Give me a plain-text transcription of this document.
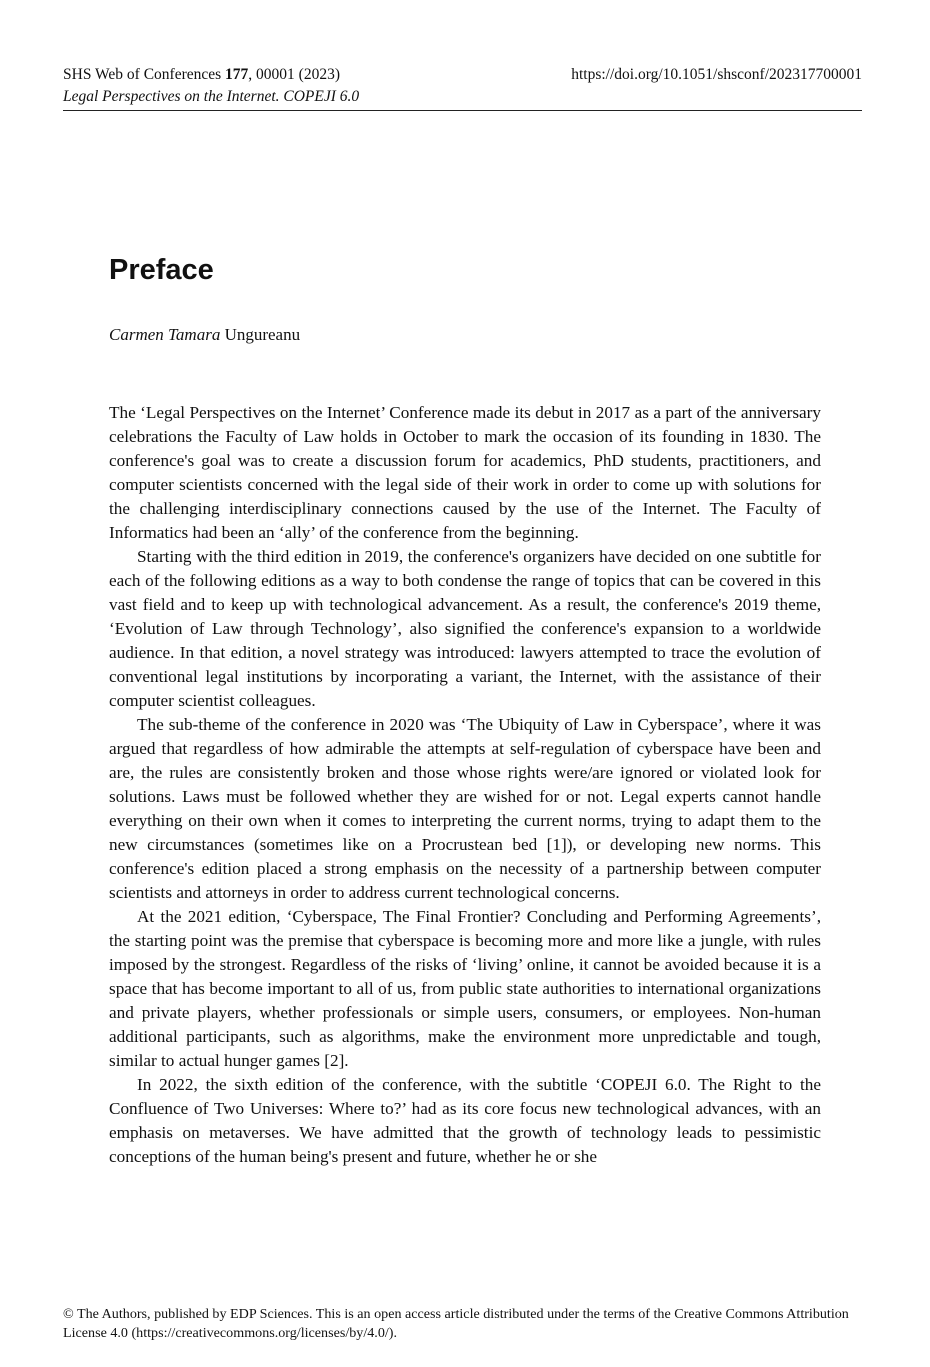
SHS Web of Conferences 177, 00001 (2023)
Legal Perspectives on the Internet. COPEJI 6.0
https://doi.org/10.1051/shsconf/202317700001
Preface
Carmen Tamara Ungureanu

The ‘Legal Perspectives on the Internet’ Conference made its debut in 2017 as a part of the anniversary celebrations the Faculty of Law holds in October to mark the occasion of its founding in 1830. The conference's goal was to create a discussion forum for academics, PhD students, practitioners, and computer scientists concerned with the legal side of their work in order to come up with solutions for the challenging interdisciplinary connections caused by the use of the Internet. The Faculty of Informatics had been an ‘ally’ of the conference from the beginning.

Starting with the third edition in 2019, the conference's organizers have decided on one subtitle for each of the following editions as a way to both condense the range of topics that can be covered in this vast field and to keep up with technological advancement. As a result, the conference's 2019 theme, ‘Evolution of Law through Technology’, also signified the conference's expansion to a worldwide audience. In that edition, a novel strategy was introduced: lawyers attempted to trace the evolution of conventional legal institutions by incorporating a variant, the Internet, with the assistance of their computer scientist colleagues.

The sub-theme of the conference in 2020 was ‘The Ubiquity of Law in Cyberspace’, where it was argued that regardless of how admirable the attempts at self-regulation of cyberspace have been and are, the rules are consistently broken and those whose rights were/are ignored or violated look for solutions. Laws must be followed whether they are wished for or not. Legal experts cannot handle everything on their own when it comes to interpreting the current norms, trying to adapt them to the new circumstances (sometimes like on a Procrustean bed [1]), or developing new norms. This conference's edition placed a strong emphasis on the necessity of a partnership between computer scientists and attorneys in order to address current technological concerns.

At the 2021 edition, ‘Cyberspace, The Final Frontier? Concluding and Performing Agreements’, the starting point was the premise that cyberspace is becoming more and more like a jungle, with rules imposed by the strongest. Regardless of the risks of ‘living’ online, it cannot be avoided because it is a space that has become important to all of us, from public state authorities to international organizations and private players, whether professionals or simple users, consumers, or employees. Non-human additional participants, such as algorithms, make the environment more unpredictable and tough, similar to actual hunger games [2].

In 2022, the sixth edition of the conference, with the subtitle ‘COPEJI 6.0. The Right to the Confluence of Two Universes: Where to?’ had as its core focus new technological advances, with an emphasis on metaverses. We have admitted that the growth of technology leads to pessimistic conceptions of the human being's present and future, whether he or she

© The Authors, published by EDP Sciences. This is an open access article distributed under the terms of the Creative Commons Attribution License 4.0 (https://creativecommons.org/licenses/by/4.0/).
